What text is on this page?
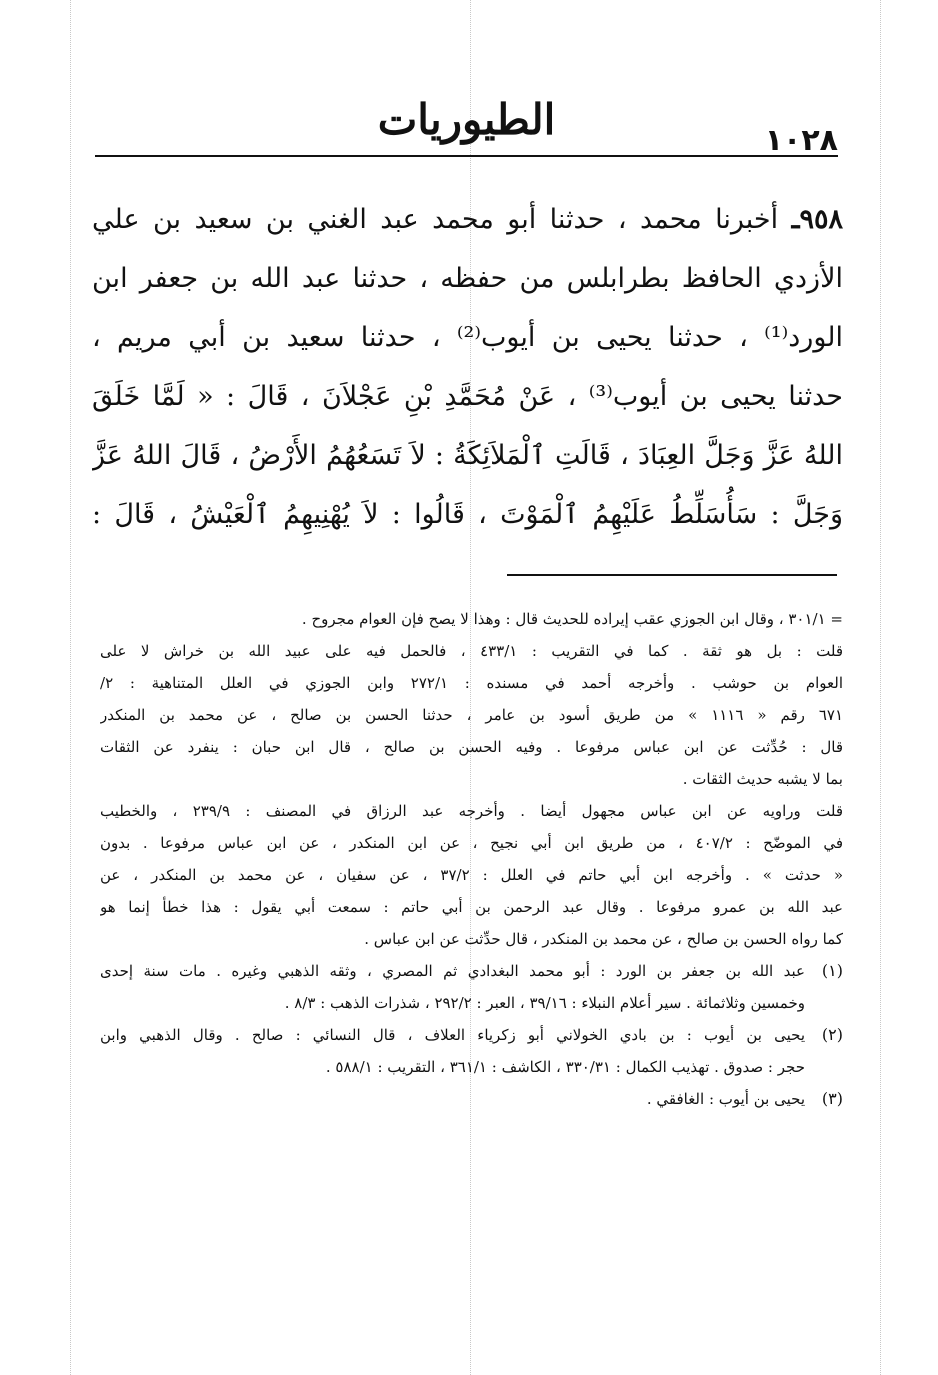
١٠٢٨
الطيوريات
٩٥٨ـ أخبرنا محمد ، حدثنا أبو محمد عبد الغني بن سعيد بن علي
الأزدي الحافظ بطرابلس من حفظه ، حدثنا عبد الله بن جعفر ابن
الورد⁽¹⁾ ، حدثنا يحيى بن أيوب⁽²⁾ ، حدثنا سعيد بن أبي مريم ،
حدثنا يحيى بن أيوب⁽³⁾ ، عَنْ مُحَمَّدِ بْنِ عَجْلاَنَ ، قَالَ : « لَمَّا خَلَقَ
اللهُ عَزَّ وَجَلَّ العِبَادَ ، قَالَتِ ٱلْمَلاَئِكَةُ : لاَ تَسَعُهُمُ الأَرْضُ ، قَالَ اللهُ عَزَّ
وَجَلَّ : سَأُسَلِّطُ عَلَيْهِمُ ٱلْمَوْتَ ، قَالُوا : لاَ يُهْنِيهِمُ ٱلْعَيْشُ ، قَالَ :
= ٣٠١/١ ، وقال ابن الجوزي عقب إيراده للحديث قال : وهذا لا يصح فإن العوام مجروح .
قلت : بل هو ثقة . كما في التقريب : ٤٣٣/١ ، فالحمل فيه على عبيد الله بن خراش لا على
العوام بن حوشب . وأخرجه أحمد في مسنده : ٢٧٢/١ وابن الجوزي في العلل المتناهية : ٢/
٦٧١ رقم « ١١١٦ » من طريق أسود بن عامر ، حدثنا الحسن بن صالح ، عن محمد بن المنكدر
قال : حُدِّثت عن ابن عباس مرفوعا . وفيه الحسن بن صالح ، قال ابن حبان : ينفرد عن الثقات
بما لا يشبه حديث الثقات .
قلت وراويه عن ابن عباس مجهول أيضا . وأخرجه عبد الرزاق في المصنف : ٢٣٩/٩ ، والخطيب
في الموضّح : ٤٠٧/٢ ، من طريق ابن أبي نجيح ، عن ابن المنكدر ، عن ابن عباس مرفوعا . بدون
« حدثت » . وأخرجه ابن أبي حاتم في العلل : ٣٧/٢ ، عن سفيان ، عن محمد بن المنكدر ، عن
عبد الله بن عمرو مرفوعا . وقال عبد الرحمن بن أبي حاتم : سمعت أبي يقول : هذا خطأ إنما هو
كما رواه الحسن بن صالح ، عن محمد بن المنكدر ، قال حدِّثت عن ابن عباس .
(١)
عبد الله بن جعفر بن الورد : أبو محمد البغدادي ثم المصري ، وثقه الذهبي وغيره . مات سنة إحدى
وخمسين وثلاثمائة . سير أعلام النبلاء : ٣٩/١٦ ، العبر : ٢٩٢/٢ ، شذرات الذهب : ٨/٣ .
(٢)
يحيى بن أيوب : بن بادي الخولاني أبو زكرياء العلاف ، قال النسائي : صالح . وقال الذهبي وابن
حجر : صدوق . تهذيب الكمال : ٣٣٠/٣١ ، الكاشف : ٣٦١/١ ، التقريب : ٥٨٨/١ .
(٣)
يحيى بن أيوب : الغافقي .
